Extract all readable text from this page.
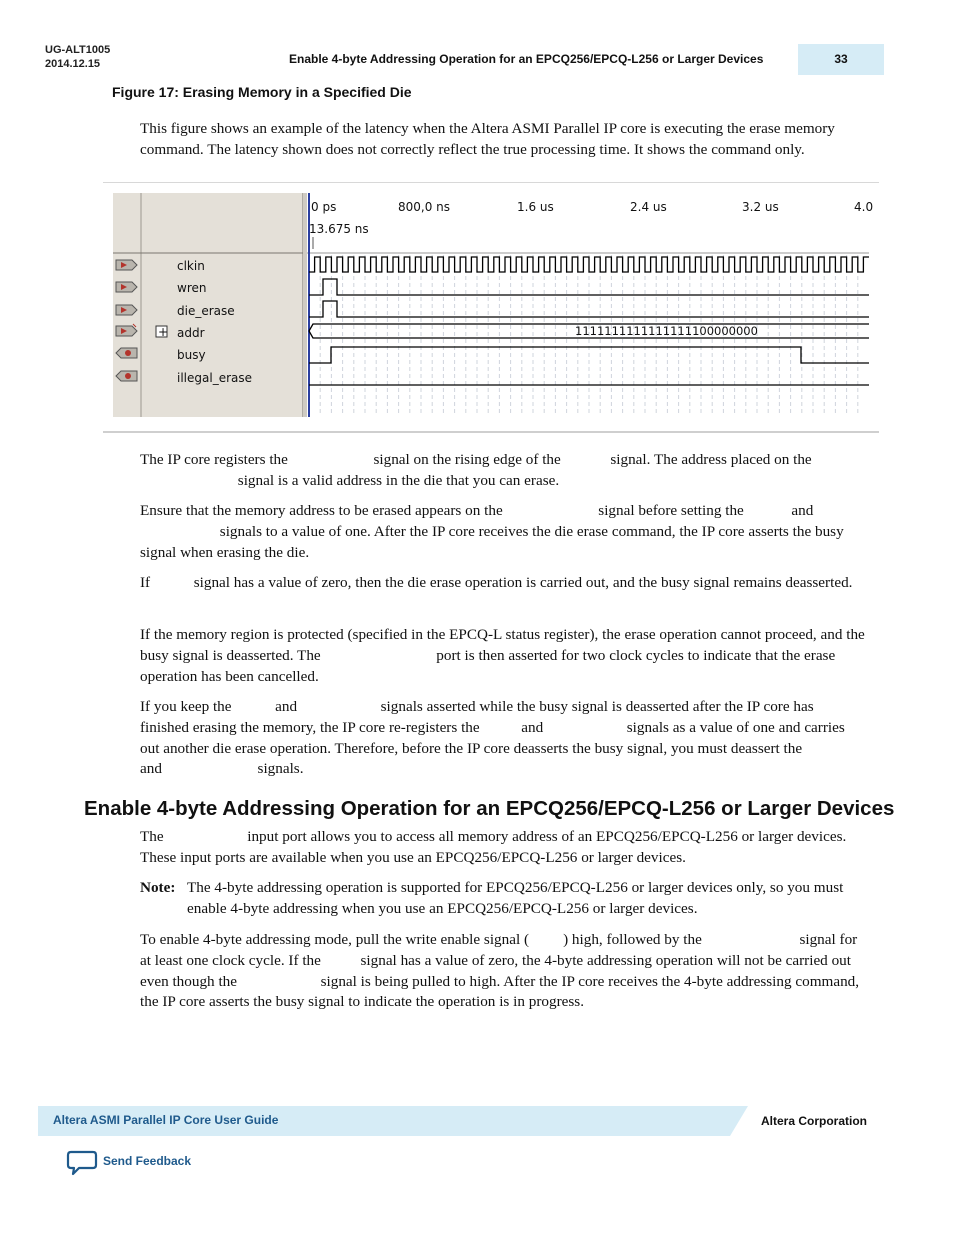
UG-ALT1005
2014.12.15	Enable 4-byte Addressing Operation for an EPCQ256/EPCQ-L256 or Larger Devices	33
Figure 17: Erasing Memory in a Specified Die

This figure shows an example of the latency when the Altera ASMI Parallel IP core is executing the erase memory command. The latency shown does not correctly reflect the true processing time. It shows the command only.

0 ps	800,0 ns	1.6 us	2.4 us	3.2 us	4.0
13.675 ns
+
clkin
wren
die_erase
addr
busy
illegal_erase
1111111111111111100000000

The IP core registers the	signal on the rising edge of the	signal. The address placed on the  signal is a valid address in the die that you can erase.

Ensure that the memory address to be erased appears on the	signal before setting the	and  signals to a value of one. After the IP core receives the die erase command, the IP core asserts the busy signal when erasing the die.

If	signal has a value of zero, then the die erase operation is carried out, and the busy signal remains deasserted.

If the memory region is protected (specified in the EPCQ-L status register), the erase operation cannot proceed, and the busy signal is deasserted. The	port is then asserted for two clock cycles to indicate that the erase operation has been cancelled.

If you keep the	and	signals asserted while the busy signal is deasserted after the IP core has finished erasing the memory, the IP core re-registers the	and	signals as a value of one and carries out another die erase operation. Therefore, before the IP core deasserts the busy signal, you must deassert the  and	signals.

Enable 4-byte Addressing Operation for an EPCQ256/EPCQ-L256 or Larger Devices

The	input port allows you to access all memory address of an EPCQ256/EPCQ-L256 or larger devices. These input ports are available when you use an EPCQ256/EPCQ-L256 or larger devices.

Note: The 4-byte addressing operation is supported for EPCQ256/EPCQ-L256 or larger devices only, so you must enable 4-byte addressing when you use an EPCQ256/EPCQ-L256 or larger devices.

To enable 4-byte addressing mode, pull the write enable signal ( ) high, followed by the	signal for at least one clock cycle. If the	signal has a value of zero, the 4-byte addressing operation will not be carried out even though the	signal is being pulled to high. After the IP core receives the 4-byte addressing command, the IP core asserts the busy signal to indicate the operation is in progress.

Altera ASMI Parallel IP Core User Guide	Altera Corporation
Send Feedback
